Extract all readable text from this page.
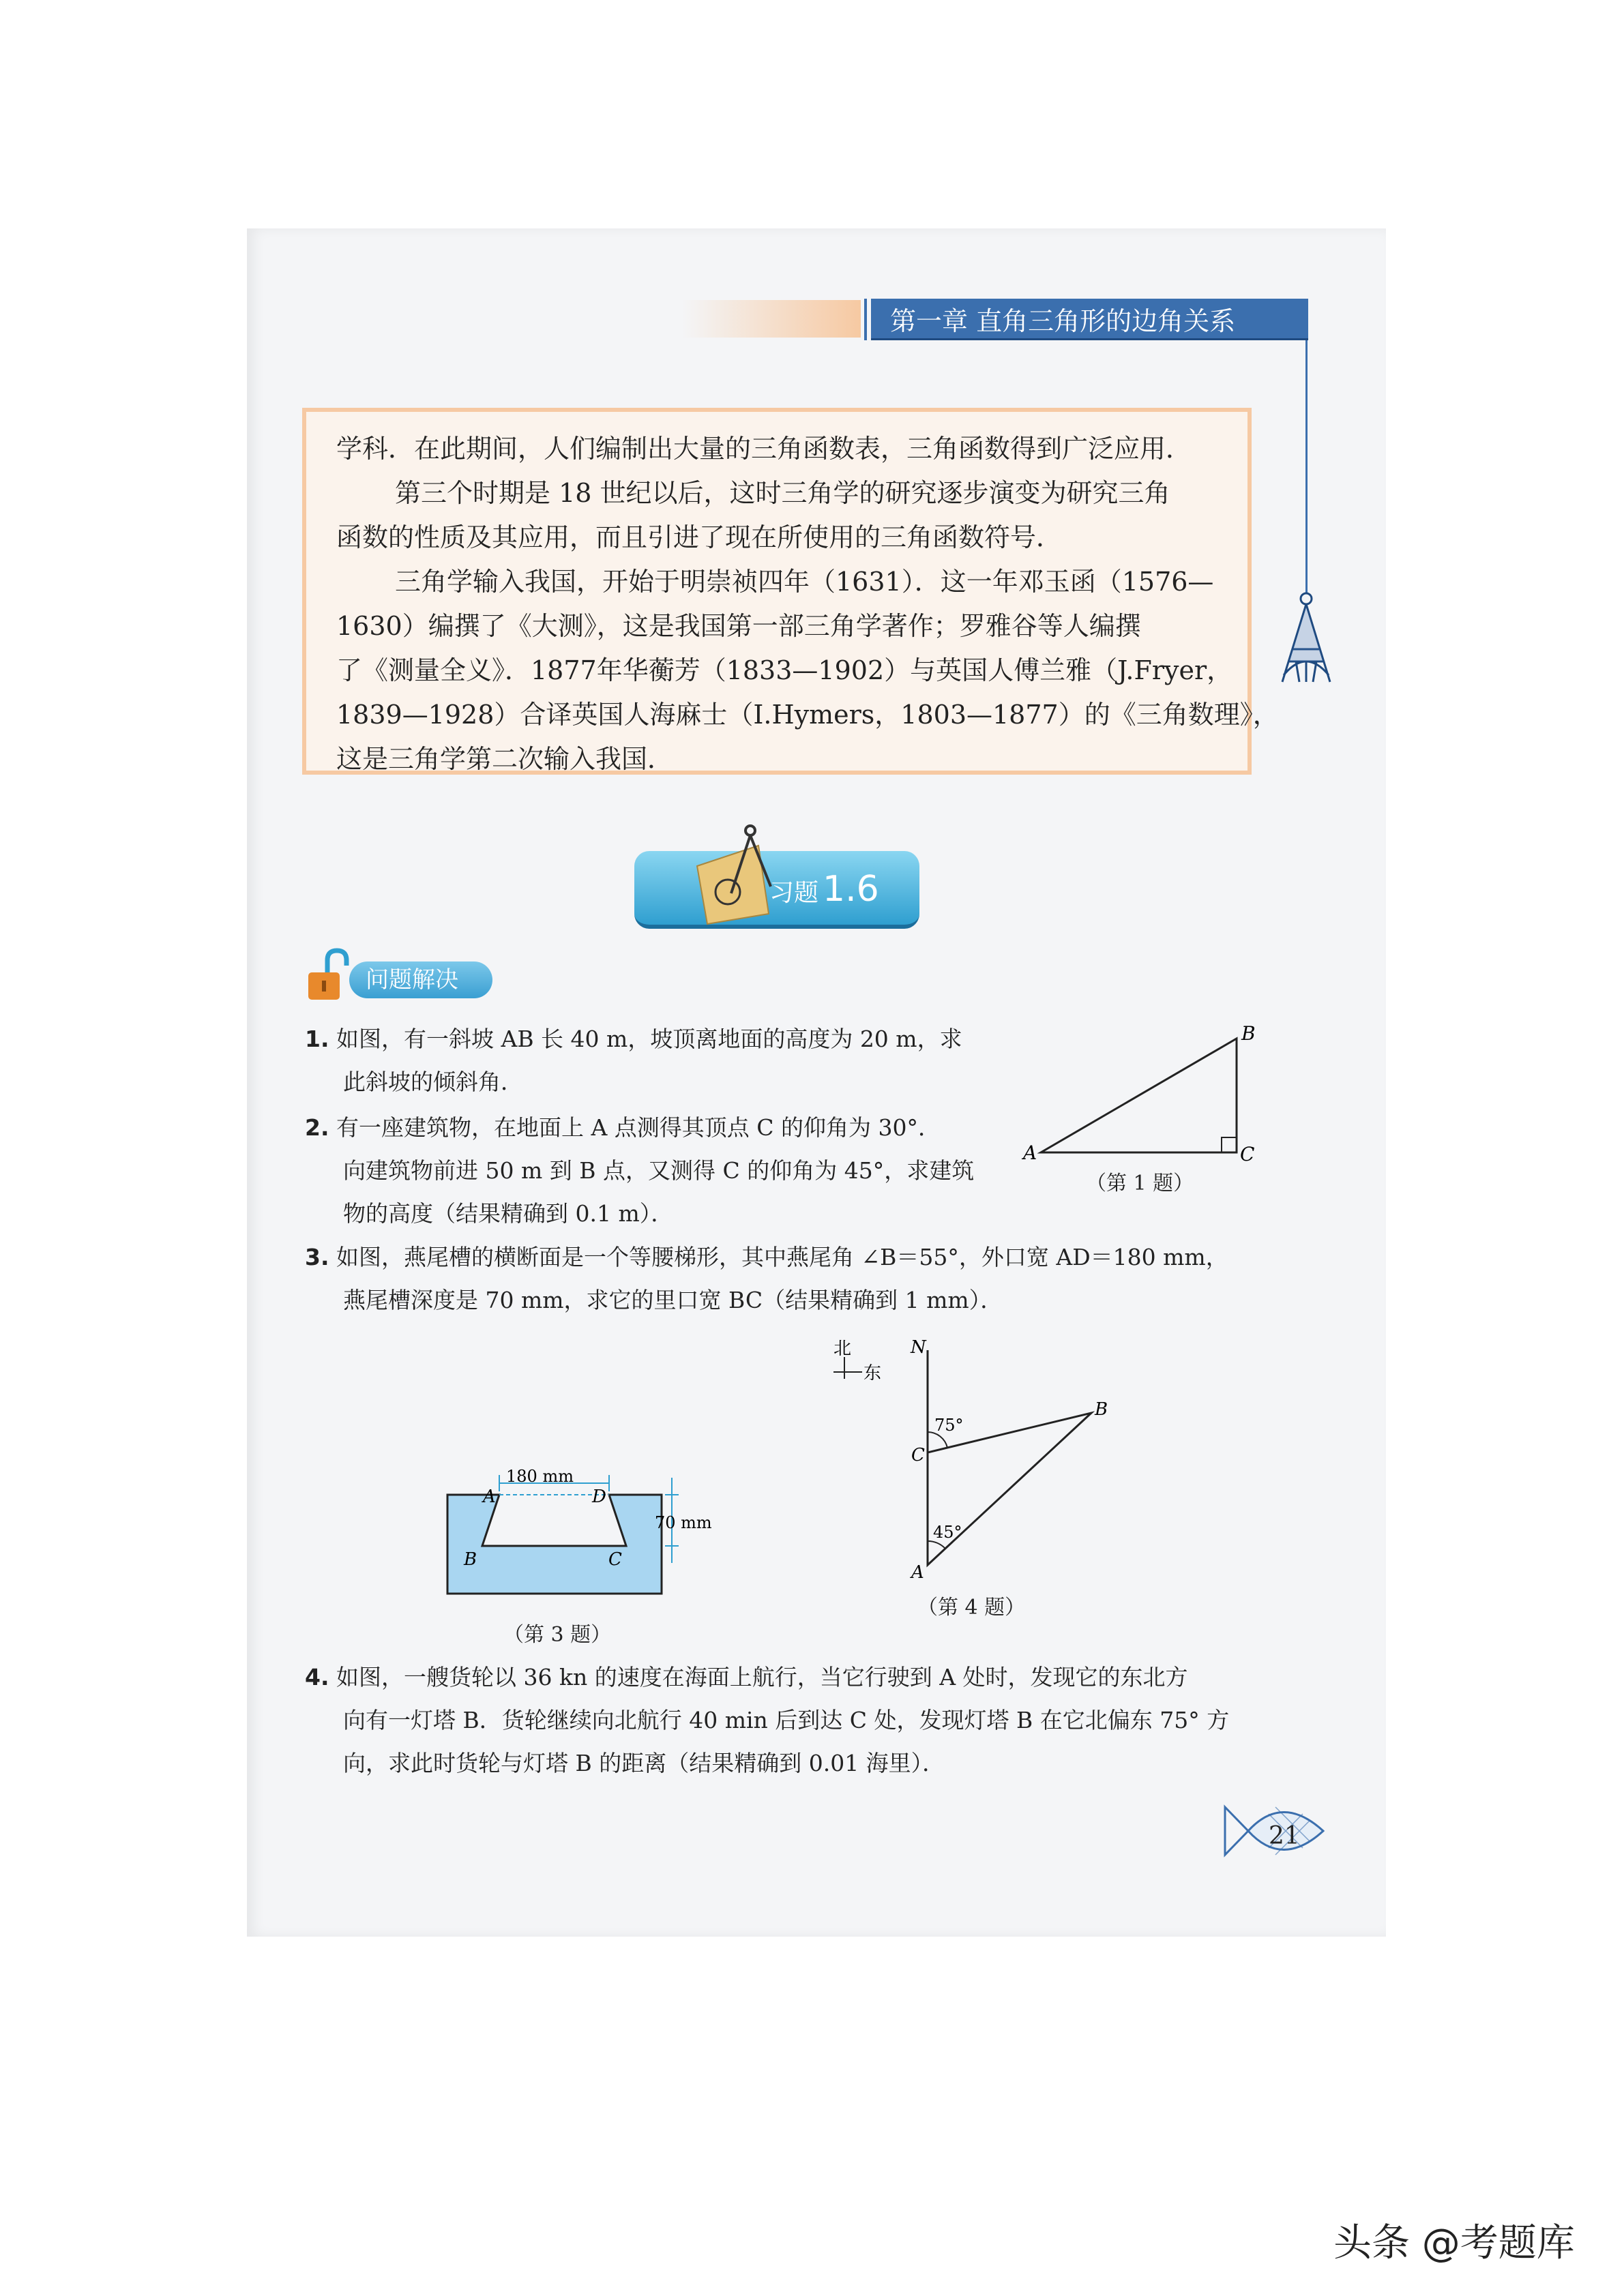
第一章 直角三角形的边角关系

学科．在此期间，人们编制出大量的三角函数表，三角函数得到广泛应用．

第三个时期是 18 世纪以后，这时三角学的研究逐步演变为研究三角

函数的性质及其应用，而且引进了现在所使用的三角函数符号．

三角学输入我国，开始于明崇祯四年（1631）．这一年邓玉函（1576—

1630）编撰了《大测》，这是我国第一部三角学著作；罗雅谷等人编撰

了《测量全义》．1877年华蘅芳（1833—1902）与英国人傅兰雅（J.Fryer，

1839—1928）合译英国人海麻士（I.Hymers，1803—1877）的《三角数理》，

这是三角学第二次输入我国．

习题 1.6
问题解决
1. 如图，有一斜坡 AB 长 40 m，坡顶离地面的高度为 20 m，求
此斜坡的倾斜角．
A
B
C
（第 1 题）
2. 有一座建筑物，在地面上 A 点测得其顶点 C 的仰角为 30°．
向建筑物前进 50 m 到 B 点，又测得 C 的仰角为 45°，求建筑
物的高度（结果精确到 0.1 m）．
3. 如图，燕尾槽的横断面是一个等腰梯形，其中燕尾角 ∠B＝55°，外口宽 AD＝180 mm，
燕尾槽深度是 70 mm，求它的里口宽 BC（结果精确到 1 mm）．
180 mm
70 mm
A	D
B	C
（第 3 题）
北
东
N
B
C
A
75°
45°
（第 4 题）
4. 如图，一艘货轮以 36 kn 的速度在海面上航行，当它行驶到 A 处时，发现它的东北方
向有一灯塔 B．货轮继续向北航行 40 min 后到达 C 处，发现灯塔 B 在它北偏东 75° 方
向，求此时货轮与灯塔 B 的距离（结果精确到 0.01 海里）．
21
头条 @考题库
